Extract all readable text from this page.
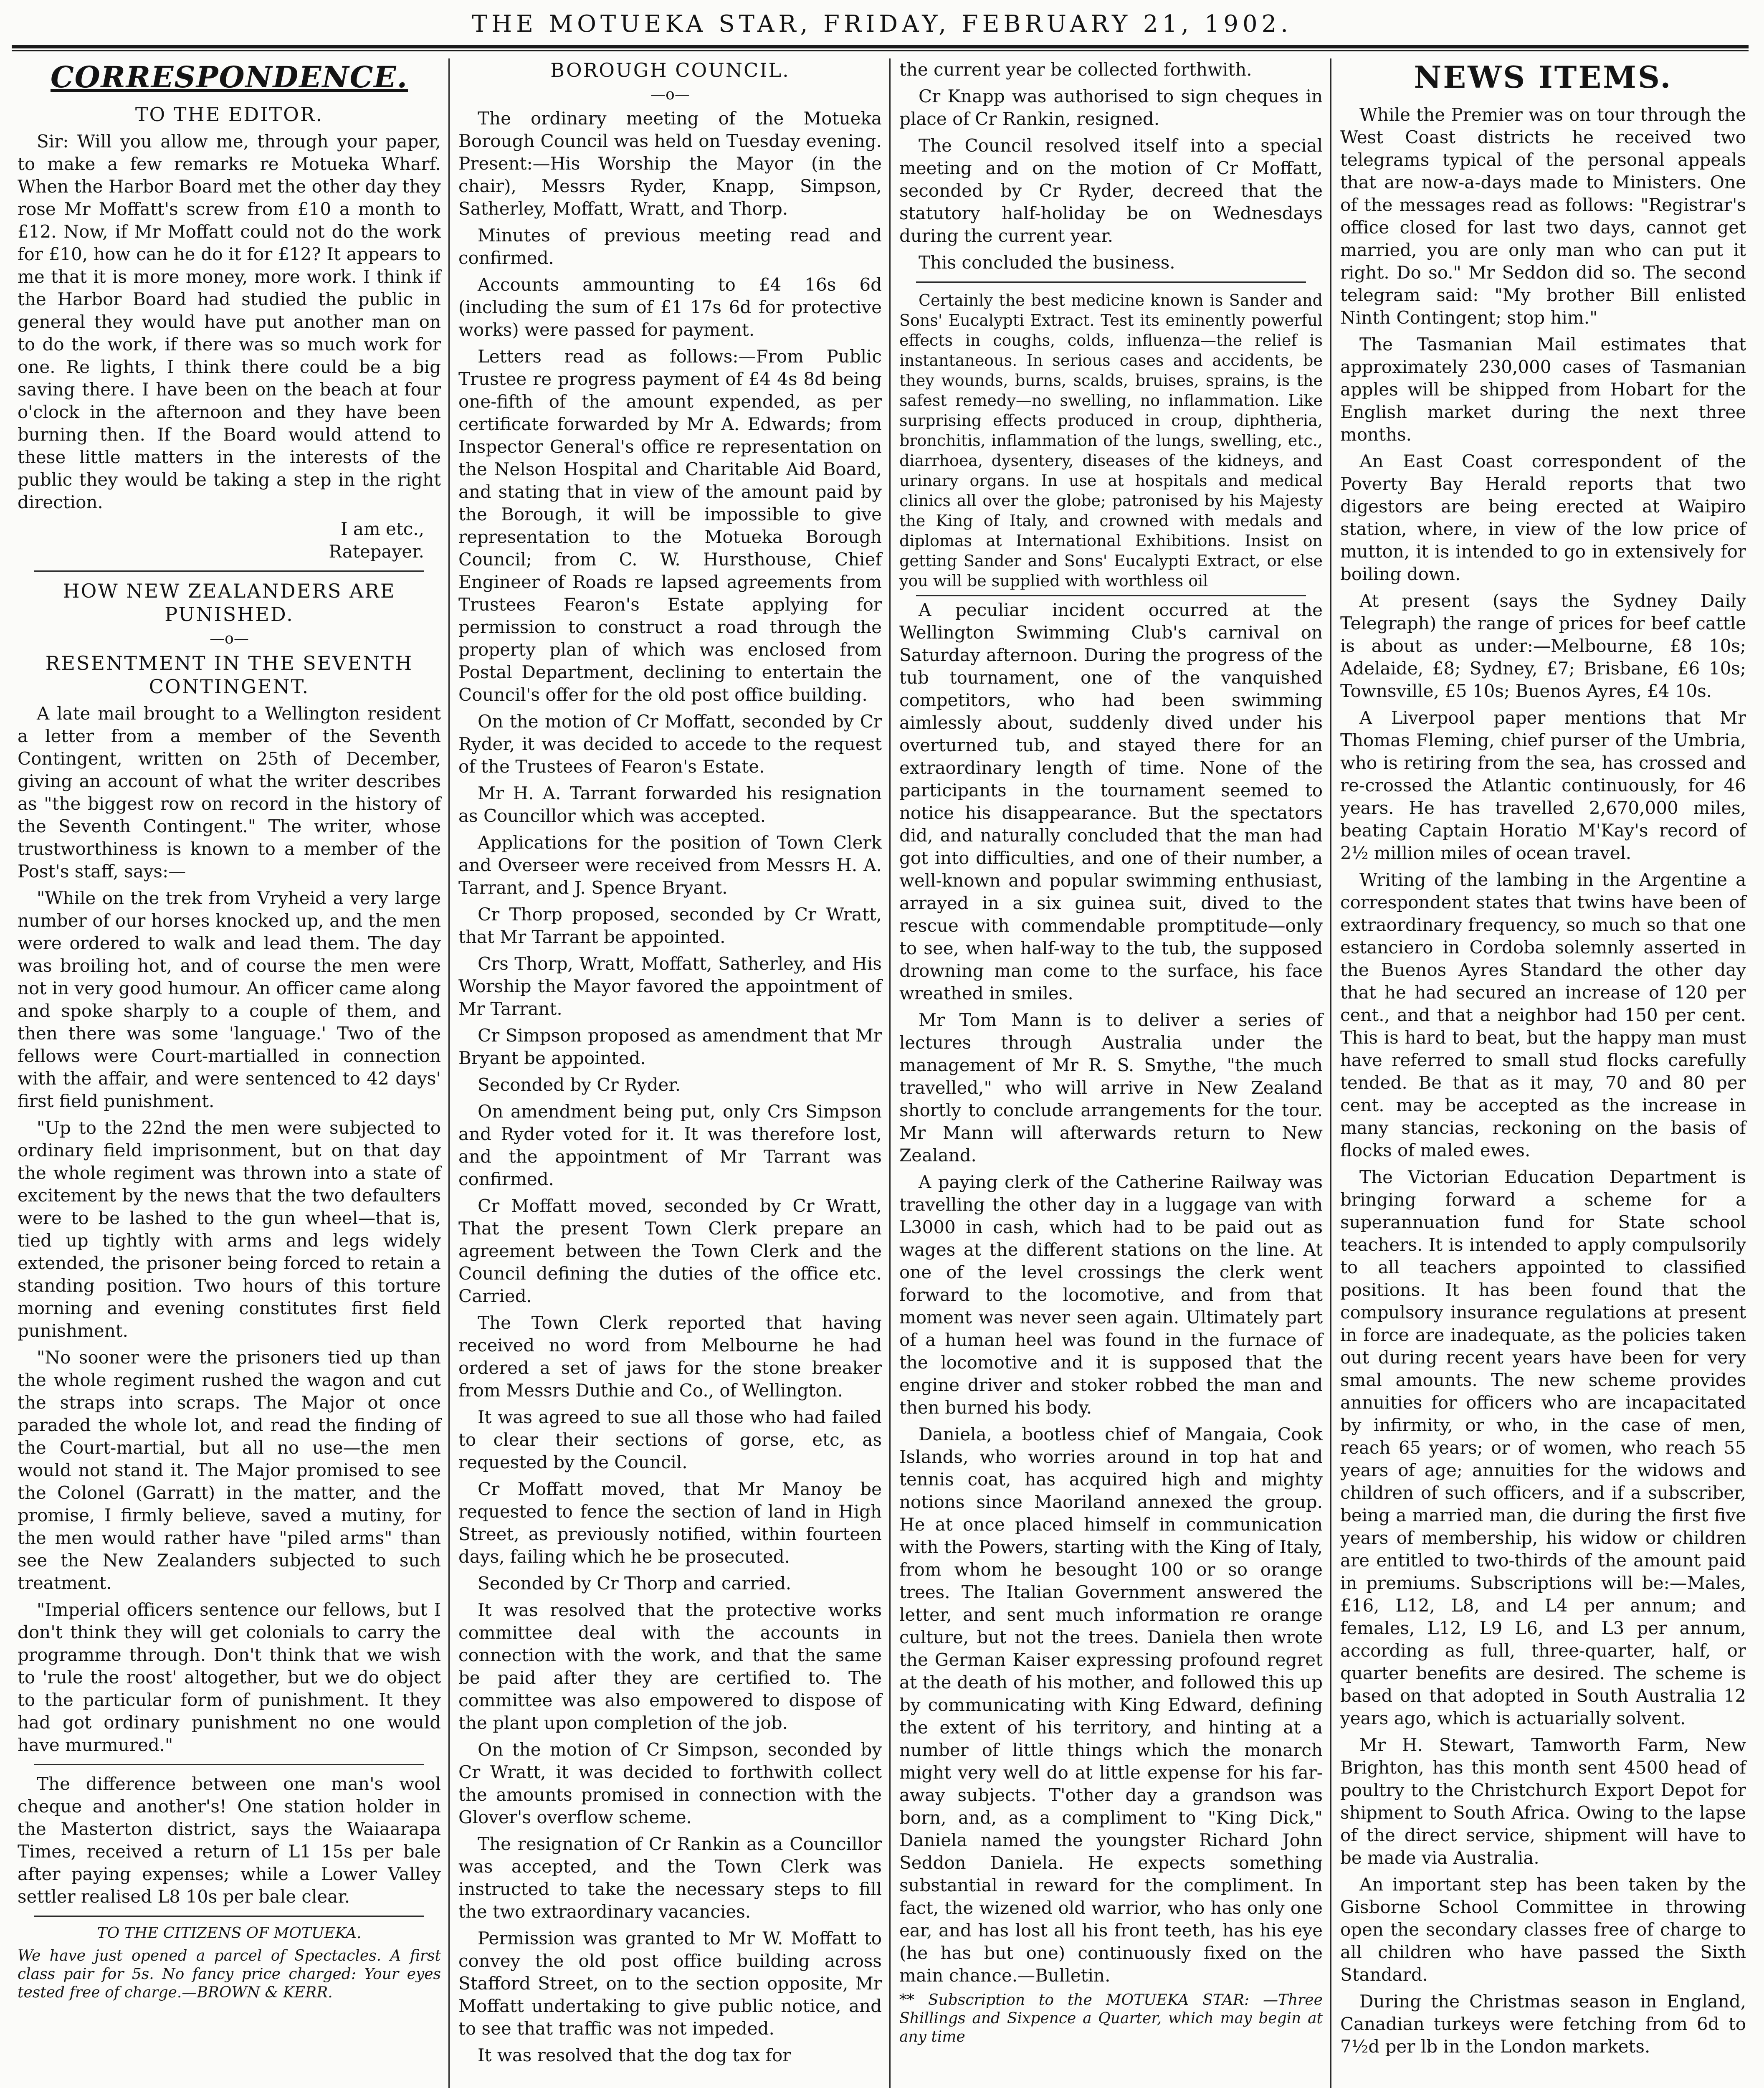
THE MOTUEKA STAR, FRIDAY, FEBRUARY 21, 1902.
CORRESPONDENCE.
TO THE EDITOR.

Sir: Will you allow me, through your paper, to make a few remarks re Motueka Wharf. When the Harbor Board met the other day they rose Mr Moffatt's screw from £10 a month to £12. Now, if Mr Moffatt could not do the work for £10, how can he do it for £12? It appears to me that it is more money, more work. I think if the Harbor Board had studied the public in general they would have put another man on to do the work, if there was so much work for one. Re lights, I think there could be a big saving there. I have been on the beach at four o'clock in the afternoon and they have been burning then. If the Board would attend to these little matters in the interests of the public they would be taking a step in the right direction.

I am etc.,

Ratepayer.

HOW NEW ZEALANDERS ARE PUNISHED.
—o—
RESENTMENT IN THE SEVENTH CONTINGENT.

A late mail brought to a Wellington resident a letter from a member of the Seventh Contingent, written on 25th of December, giving an account of what the writer describes as "the biggest row on record in the history of the Seventh Contingent." The writer, whose trustworthiness is known to a member of the Post's staff, says:—

"While on the trek from Vryheid a very large number of our horses knocked up, and the men were ordered to walk and lead them. The day was broiling hot, and of course the men were not in very good humour. An officer came along and spoke sharply to a couple of them, and then there was some 'language.' Two of the fellows were Court-martialled in connection with the affair, and were sentenced to 42 days' first field punishment.

"Up to the 22nd the men were subjected to ordinary field imprisonment, but on that day the whole regiment was thrown into a state of excitement by the news that the two defaulters were to be lashed to the gun wheel—that is, tied up tightly with arms and legs widely extended, the prisoner being forced to retain a standing position. Two hours of this torture morning and evening constitutes first field punishment.

"No sooner were the prisoners tied up than the whole regiment rushed the wagon and cut the straps into scraps. The Major ot once paraded the whole lot, and read the finding of the Court-martial, but all no use—the men would not stand it. The Major promised to see the Colonel (Garratt) in the matter, and the promise, I firmly believe, saved a mutiny, for the men would rather have "piled arms" than see the New Zealanders subjected to such treatment.

"Imperial officers sentence our fellows, but I don't think they will get colonials to carry the programme through. Don't think that we wish to 'rule the roost' altogether, but we do object to the particular form of punishment. It they had got ordinary punishment no one would have murmured."

The difference between one man's wool cheque and another's! One station holder in the Masterton district, says the Waiaarapa Times, received a return of L1 15s per bale after paying expenses; while a Lower Valley settler realised L8 10s per bale clear.

TO THE CITIZENS OF MOTUEKA.

We have just opened a parcel of Spectacles. A first class pair for 5s. No fancy price charged: Your eyes tested free of charge.—BROWN & KERR.

BOROUGH COUNCIL.
—o—

The ordinary meeting of the Motueka Borough Council was held on Tuesday evening. Present:—His Worship the Mayor (in the chair), Messrs Ryder, Knapp, Simpson, Satherley, Moffatt, Wratt, and Thorp.

Minutes of previous meeting read and confirmed.

Accounts ammounting to £4 16s 6d (including the sum of £1 17s 6d for protective works) were passed for payment.

Letters read as follows:—From Public Trustee re progress payment of £4 4s 8d being one-fifth of the amount expended, as per certificate forwarded by Mr A. Edwards; from Inspector General's office re representation on the Nelson Hospital and Charitable Aid Board, and stating that in view of the amount paid by the Borough, it will be impossible to give representation to the Motueka Borough Council; from C. W. Hursthouse, Chief Engineer of Roads re lapsed agreements from Trustees Fearon's Estate applying for permission to construct a road through the property plan of which was enclosed from Postal Department, declining to entertain the Council's offer for the old post office building.

On the motion of Cr Moffatt, seconded by Cr Ryder, it was decided to accede to the request of the Trustees of Fearon's Estate.

Mr H. A. Tarrant forwarded his resignation as Councillor which was accepted.

Applications for the position of Town Clerk and Overseer were received from Messrs H. A. Tarrant, and J. Spence Bryant.

Cr Thorp proposed, seconded by Cr Wratt, that Mr Tarrant be appointed.

Crs Thorp, Wratt, Moffatt, Satherley, and His Worship the Mayor favored the appointment of Mr Tarrant.

Cr Simpson proposed as amendment that Mr Bryant be appointed.

Seconded by Cr Ryder.

On amendment being put, only Crs Simpson and Ryder voted for it. It was therefore lost, and the appointment of Mr Tarrant was confirmed.

Cr Moffatt moved, seconded by Cr Wratt, That the present Town Clerk prepare an agreement between the Town Clerk and the Council defining the duties of the office etc. Carried.

The Town Clerk reported that having received no word from Melbourne he had ordered a set of jaws for the stone breaker from Messrs Duthie and Co., of Wellington.

It was agreed to sue all those who had failed to clear their sections of gorse, etc, as requested by the Council.

Cr Moffatt moved, that Mr Manoy be requested to fence the section of land in High Street, as previously notified, within fourteen days, failing which he be prosecuted.

Seconded by Cr Thorp and carried.

It was resolved that the protective works committee deal with the accounts in connection with the work, and that the same be paid after they are certified to. The committee was also empowered to dispose of the plant upon completion of the job.

On the motion of Cr Simpson, seconded by Cr Wratt, it was decided to forthwith collect the amounts promised in connection with the Glover's overflow scheme.

The resignation of Cr Rankin as a Councillor was accepted, and the Town Clerk was instructed to take the necessary steps to fill the two extraordinary vacancies.

Permission was granted to Mr W. Moffatt to convey the old post office building across Stafford Street, on to the section opposite, Mr Moffatt undertaking to give public notice, and to see that traffic was not impeded.

It was resolved that the dog tax for

the current year be collected forthwith.

Cr Knapp was authorised to sign cheques in place of Cr Rankin, resigned.

The Council resolved itself into a special meeting and on the motion of Cr Moffatt, seconded by Cr Ryder, decreed that the statutory half-holiday be on Wednesdays during the current year.

This concluded the business.

Certainly the best medicine known is Sander and Sons' Eucalypti Extract. Test its eminently powerful effects in coughs, colds, influenza—the relief is instantaneous. In serious cases and accidents, be they wounds, burns, scalds, bruises, sprains, is the safest remedy—no swelling, no inflammation. Like surprising effects produced in croup, diphtheria, bronchitis, inflammation of the lungs, swelling, etc., diarrhoea, dysentery, diseases of the kidneys, and urinary organs. In use at hospitals and medical clinics all over the globe; patronised by his Majesty the King of Italy, and crowned with medals and diplomas at International Exhibitions. Insist on getting Sander and Sons' Eucalypti Extract, or else you will be supplied with worthless oil

A peculiar incident occurred at the Wellington Swimming Club's carnival on Saturday afternoon. During the progress of the tub tournament, one of the vanquished competitors, who had been swimming aimlessly about, suddenly dived under his overturned tub, and stayed there for an extraordinary length of time. None of the participants in the tournament seemed to notice his disappearance. But the spectators did, and naturally concluded that the man had got into difficulties, and one of their number, a well-known and popular swimming enthusiast, arrayed in a six guinea suit, dived to the rescue with commendable promptitude—only to see, when half-way to the tub, the supposed drowning man come to the surface, his face wreathed in smiles.

Mr Tom Mann is to deliver a series of lectures through Australia under the management of Mr R. S. Smythe, "the much travelled," who will arrive in New Zealand shortly to conclude arrangements for the tour. Mr Mann will afterwards return to New Zealand.

A paying clerk of the Catherine Railway was travelling the other day in a luggage van with L3000 in cash, which had to be paid out as wages at the different stations on the line. At one of the level crossings the clerk went forward to the locomotive, and from that moment was never seen again. Ultimately part of a human heel was found in the furnace of the locomotive and it is supposed that the engine driver and stoker robbed the man and then burned his body.

Daniela, a bootless chief of Mangaia, Cook Islands, who worries around in top hat and tennis coat, has acquired high and mighty notions since Maoriland annexed the group. He at once placed himself in communication with the Powers, starting with the King of Italy, from whom he besought 100 or so orange trees. The Italian Government answered the letter, and sent much information re orange culture, but not the trees. Daniela then wrote the German Kaiser expressing profound regret at the death of his mother, and followed this up by communicating with King Edward, defining the extent of his territory, and hinting at a number of little things which the monarch might very well do at little expense for his far-away subjects. T'other day a grandson was born, and, as a compliment to "King Dick," Daniela named the youngster Richard John Seddon Daniela. He expects something substantial in reward for the compliment. In fact, the wizened old warrior, who has only one ear, and has lost all his front teeth, has his eye (he has but one) continuously fixed on the main chance.—Bulletin.

** Subscription to the MOTUEKA STAR: —Three Shillings and Sixpence a Quarter, which may begin at any time

NEWS ITEMS.

While the Premier was on tour through the West Coast districts he received two telegrams typical of the personal appeals that are now-a-days made to Ministers. One of the messages read as follows: "Registrar's office closed for last two days, cannot get married, you are only man who can put it right. Do so." Mr Seddon did so. The second telegram said: "My brother Bill enlisted Ninth Contingent; stop him."

The Tasmanian Mail estimates that approximately 230,000 cases of Tasmanian apples will be shipped from Hobart for the English market during the next three months.

An East Coast correspondent of the Poverty Bay Herald reports that two digestors are being erected at Waipiro station, where, in view of the low price of mutton, it is intended to go in extensively for boiling down.

At present (says the Sydney Daily Telegraph) the range of prices for beef cattle is about as under:—Melbourne, £8 10s; Adelaide, £8; Sydney, £7; Brisbane, £6 10s; Townsville, £5 10s; Buenos Ayres, £4 10s.

A Liverpool paper mentions that Mr Thomas Fleming, chief purser of the Umbria, who is retiring from the sea, has crossed and re-crossed the Atlantic continuously, for 46 years. He has travelled 2,670,000 miles, beating Captain Horatio M'Kay's record of 2½ million miles of ocean travel.

Writing of the lambing in the Argentine a correspondent states that twins have been of extraordinary frequency, so much so that one estanciero in Cordoba solemnly asserted in the Buenos Ayres Standard the other day that he had secured an increase of 120 per cent., and that a neighbor had 150 per cent. This is hard to beat, but the happy man must have referred to small stud flocks carefully tended. Be that as it may, 70 and 80 per cent. may be accepted as the increase in many stancias, reckoning on the basis of flocks of maled ewes.

The Victorian Education Department is bringing forward a scheme for a superannuation fund for State school teachers. It is intended to apply compulsorily to all teachers appointed to classified positions. It has been found that the compulsory insurance regulations at present in force are inadequate, as the policies taken out during recent years have been for very smal amounts. The new scheme provides annuities for officers who are incapacitated by infirmity, or who, in the case of men, reach 65 years; or of women, who reach 55 years of age; annuities for the widows and children of such officers, and if a subscriber, being a married man, die during the first five years of membership, his widow or children are entitled to two-thirds of the amount paid in premiums. Subscriptions will be:—Males, £16, L12, L8, and L4 per annum; and females, L12, L9 L6, and L3 per annum, according as full, three-quarter, half, or quarter benefits are desired. The scheme is based on that adopted in South Australia 12 years ago, which is actuarially solvent.

Mr H. Stewart, Tamworth Farm, New Brighton, has this month sent 4500 head of poultry to the Christchurch Export Depot for shipment to South Africa. Owing to the lapse of the direct service, shipment will have to be made via Australia.

An important step has been taken by the Gisborne School Committee in throwing open the secondary classes free of charge to all children who have passed the Sixth Standard.

During the Christmas season in England, Canadian turkeys were fetching from 6d to 7½d per lb in the London markets.
